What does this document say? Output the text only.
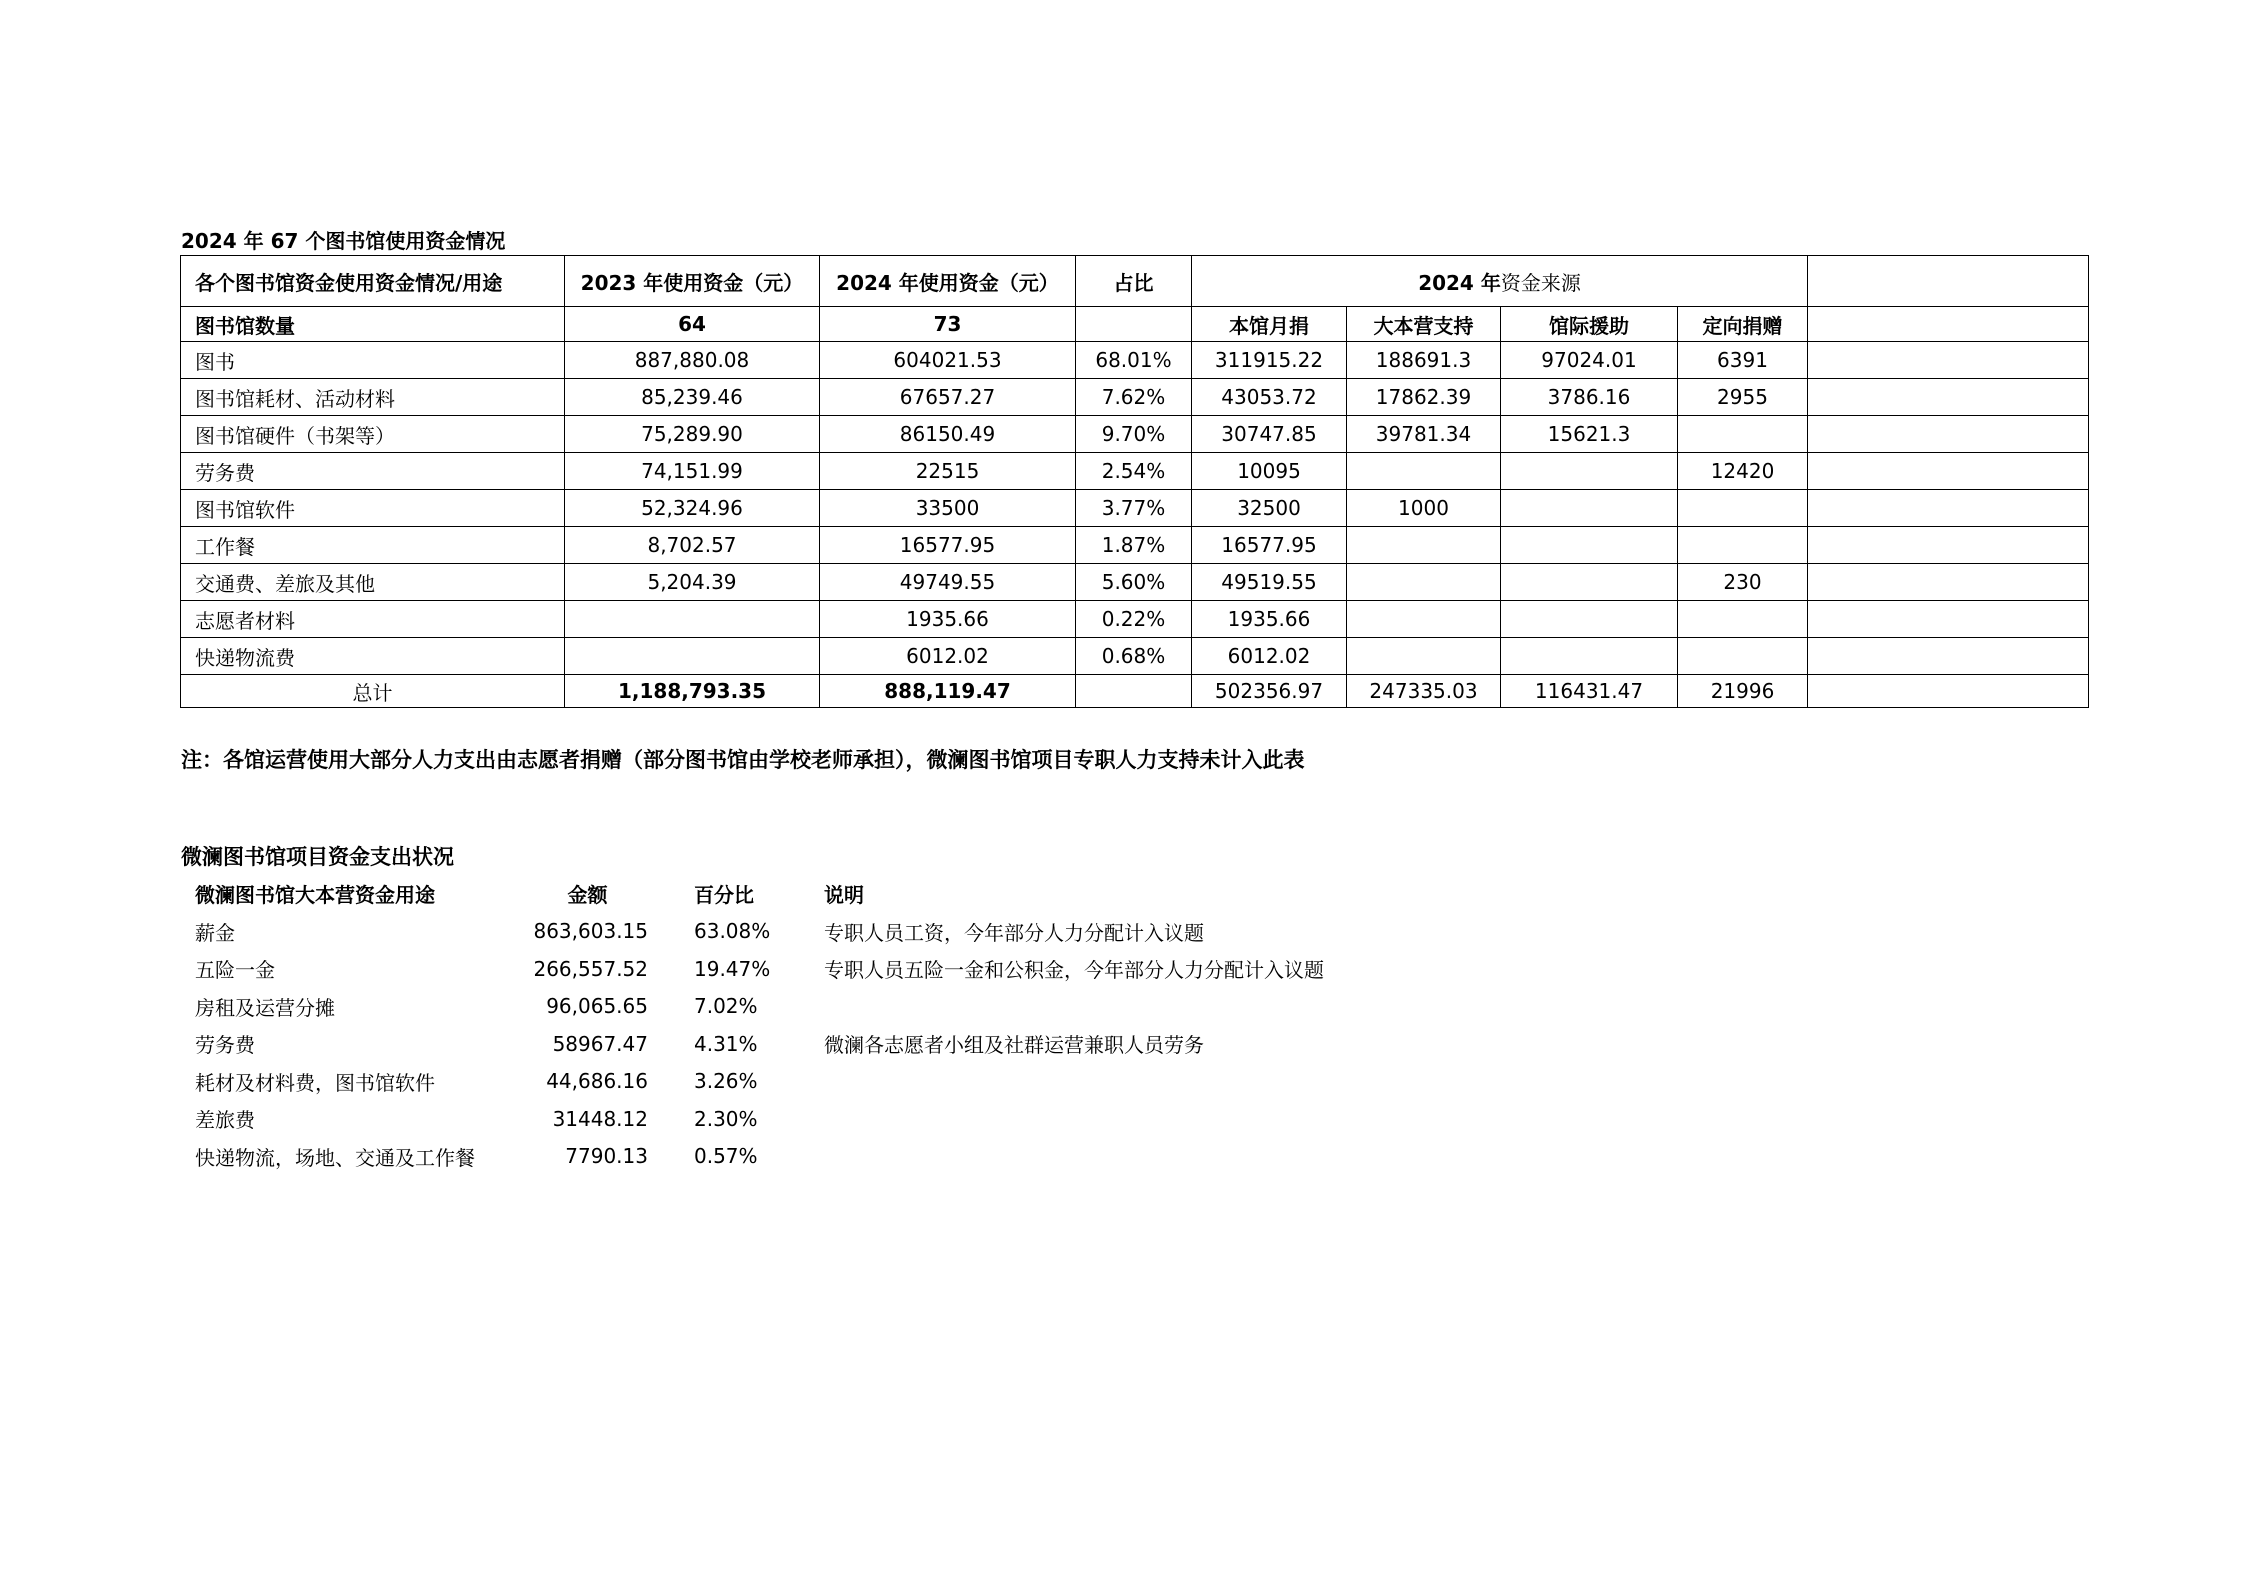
2024 年 67 个图书馆使用资金情况
各个图书馆资金使用资金情况/用途	2023 年使用资金（元）	2024 年使用资金（元）	占比	2024 年资金来源				
图书馆数量	64	73		本馆月捐	大本营支持	馆际援助	定向捐赠	
图书	887,880.08	604021.53	68.01%	311915.22	188691.3	97024.01	6391	
图书馆耗材、活动材料	85,239.46	67657.27	7.62%	43053.72	17862.39	3786.16	2955	
图书馆硬件（书架等）	75,289.90	86150.49	9.70%	30747.85	39781.34	15621.3		
劳务费	74,151.99	22515	2.54%	10095			12420	
图书馆软件	52,324.96	33500	3.77%	32500	1000			
工作餐	8,702.57	16577.95	1.87%	16577.95				
交通费、差旅及其他	5,204.39	49749.55	5.60%	49519.55			230	
志愿者材料		1935.66	0.22%	1935.66				
快递物流费		6012.02	0.68%	6012.02				
总计	1,188,793.35	888,119.47		502356.97	247335.03	116431.47	21996	
注：各馆运营使用大部分人力支出由志愿者捐赠（部分图书馆由学校老师承担），微澜图书馆项目专职人力支持未计入此表
微澜图书馆项目资金支出状况
微澜图书馆大本营资金用途	金额	百分比	说明
薪金	863,603.15	63.08%	专职人员工资，今年部分人力分配计入议题
五险一金	266,557.52	19.47%	专职人员五险一金和公积金，今年部分人力分配计入议题
房租及运营分摊	96,065.65	7.02%	
劳务费	58967.47	4.31%	微澜各志愿者小组及社群运营兼职人员劳务
耗材及材料费，图书馆软件	44,686.16	3.26%	
差旅费	31448.12	2.30%	
快递物流，场地、交通及工作餐	7790.13	0.57%	
